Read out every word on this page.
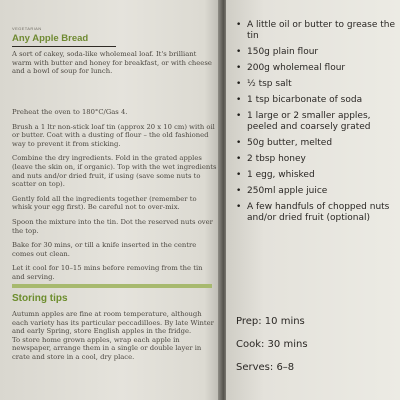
VEGETARIAN

Any Apple Bread

A sort of cakey, soda-like wholemeal loaf. It's brilliant warm with butter and honey for breakfast, or with cheese and a bowl of soup for lunch.

Preheat the oven to 180°C/Gas 4.

Brush a 1 ltr non-stick loaf tin (approx 20 x 10 cm) with oil or butter. Coat with a dusting of flour – the old fashioned way to prevent it from sticking.

Combine the dry ingredients. Fold in the grated apples (leave the skin on, if organic). Top with the wet ingredients and nuts and/or dried fruit, if using (save some nuts to scatter on top).

Gently fold all the ingredients together (remember to whisk your egg first). Be careful not to over-mix.

Spoon the mixture into the tin. Dot the reserved nuts over the top.

Bake for 30 mins, or till a knife inserted in the centre comes out clean.

Let it cool for 10–15 mins before removing from the tin and serving.

Storing tips

Autumn apples are fine at room temperature, although each variety has its particular peccadilloes. By late Winter and early Spring, store English apples in the fridge.

To store home grown apples, wrap each apple in newspaper, arrange them in a single or double layer in crate and store in a cool, dry place.

• A little oil or butter to grease the tin
• 150g plain flour
• 200g wholemeal flour
• ½ tsp salt
• 1 tsp bicarbonate of soda
• 1 large or 2 smaller apples, peeled and coarsely grated
• 50g butter, melted
• 2 tbsp honey
• 1 egg, whisked
• 250ml apple juice
• A few handfuls of chopped nuts and/or dried fruit (optional)

Prep: 10 mins

Cook: 30 mins

Serves: 6–8
